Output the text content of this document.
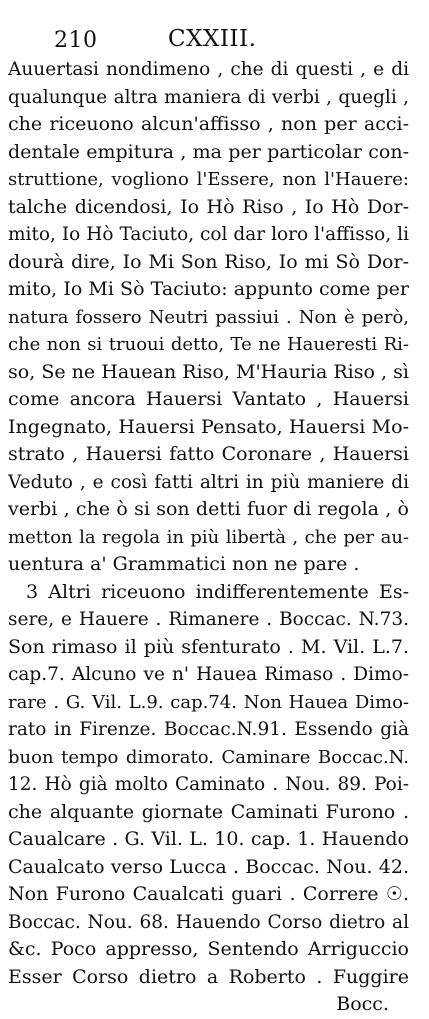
210	CXXIII.
Auuertasi nondimeno , che di questi , e di
qualunque altra maniera di verbi , quegli ,
che riceuono alcun'affisso , non per acci-
dentale empitura , ma per particolar con-
struttione, vogliono l'Essere, non l'Hauere:
talche dicendosi, Io Hò Riso , Io Hò Dor-
mito, Io Hò Taciuto, col dar loro l'affisso, li
dourà dire, Io Mi Son Riso, Io mi Sò Dor-
mito, Io Mi Sò Taciuto: appunto come per
natura fossero Neutri passiui . Non è però,
che non si truoui detto, Te ne Haueresti Ri-
so, Se ne Hauean Riso, M'Hauria Riso , sì
come ancora Hauersi Vantato , Hauersi
Ingegnato, Hauersi Pensato, Hauersi Mo-
strato , Hauersi fatto Coronare , Hauersi
Veduto , e così fatti altri in più maniere di
verbi , che ò si son detti fuor di regola , ò
metton la regola in più libertà , che per au-
uentura a' Grammatici non ne pare .
3 Altri riceuono indifferentemente Es-
sere, e Hauere . Rimanere . Boccac. N.73.
Son rimaso il più sfenturato . M. Vil. L.7.
cap.7. Alcuno ve n' Hauea Rimaso . Dimo-
rare . G. Vil. L.9. cap.74. Non Hauea Dimo-
rato in Firenze. Boccac.N.91. Essendo già
buon tempo dimorato. Caminare Boccac.N.
12. Hò già molto Caminato . Nou. 89. Poi-
che alquante giornate Caminati Furono .
Caualcare . G. Vil. L. 10. cap. 1. Hauendo
Caualcato verso Lucca . Boccac. Nou. 42.
Non Furono Caualcati guari . Correre ☉.
Boccac. Nou. 68. Hauendo Corso dietro al
&c. Poco appresso, Sentendo Arriguccio
Esser Corso dietro a Roberto . Fuggire
Bocc.
